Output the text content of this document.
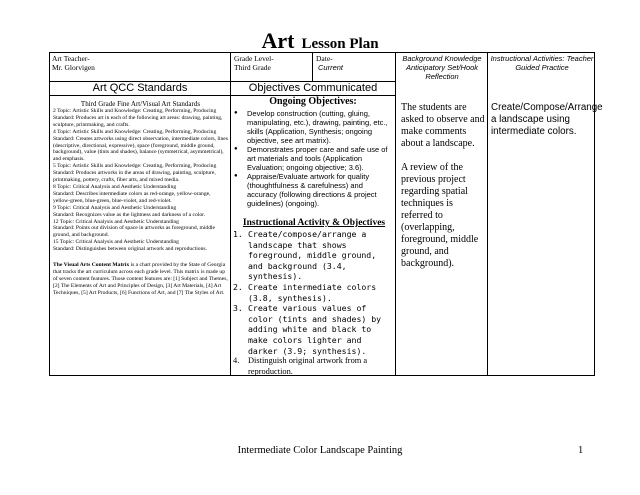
Art Lesson Plan
Art Teacher-
Mr. Glorvigen
Grade Level-
Third Grade
Date-
Current
Background Knowledge Anticipatory Set/Hook Reflection
Instructional Activities: Teacher Guided Practice
Art QCC Standards	Objectives Communicated
Third Grade Fine Art/Visual Art Standards
2 Topic: Artistic Skills and Knowledge: Creating, Performing, Producing
Standard: Produces art in each of the following art areas: drawing, painting, sculpture, printmaking, and crafts.
4 Topic: Artistic Skills and Knowledge: Creating, Performing, Producing
Standard: Creates artworks using direct observation, intermediate colors, lines (descriptive, directional, expressive), space (foreground, middle ground, background), value (tints and shades), balance (symmetrical, asymmetrical), and emphasis.
5 Topic: Artistic Skills and Knowledge: Creating, Performing, Producing
Standard: Produces artworks in the areas of drawing, painting, sculpture, printmaking, pottery, crafts, fiber arts, and mixed media.
8 Topic: Critical Analysis and Aesthetic Understanding
Standard: Describes intermediate colors as red-orange, yellow-orange, yellow-green, blue-green, blue-violet, and red-violet.
9 Topic: Critical Analysis and Aesthetic Understanding
Standard: Recognizes value as the lightness and darkness of a color.
12 Topic: Critical Analysis and Aesthetic Understanding
Standard: Points out division of space in artworks as foreground, middle ground, and background.
15 Topic: Critical Analysis and Aesthetic Understanding
Standard: Distinguishes between original artwork and reproductions.
The Visual Arts Content Matrix is a chart provided by the State of Georgia that tracks the art curriculum across each grade level. This matrix is made up of seven content features. Those content features are: [1] Subject and Themes, [2] The Elements of Art and Principles of Design, [3] Art Materials, [4] Art Techniques, [5] Art Products, [6] Functions of Art, and [7] The Styles of Art.
Ongoing Objectives:
● Develop construction (cutting, gluing, manipulating, etc.), drawing, painting, etc., skills (Application, Synthesis; ongoing objective, see art matrix).
● Demonstrates proper care and safe use of art materials and tools (Application Evaluation; ongoing objective; 3.6).
● Appraise/Evaluate artwork for quality (thoughtfulness & carefulness) and accuracy (following directions & project guidelines) (ongoing).
Instructional Activity & Objectives
1. Create/compose/arrange a landscape that shows foreground, middle ground, and background (3.4, synthesis).
2. Create intermediate colors (3.8, synthesis).
3. Create various values of color (tints and shades) by adding white and black to make colors lighter and darker (3.9; synthesis).
4. Distinguish original artwork from a reproduction.

The students are asked to observe and make comments about a landscape.

A review of the previous project regarding spatial techniques is referred to (overlapping, foreground, middle ground, and background).

Create/Compose/Arrange a landscape using intermediate colors.
Intermediate Color Landscape Painting	1
